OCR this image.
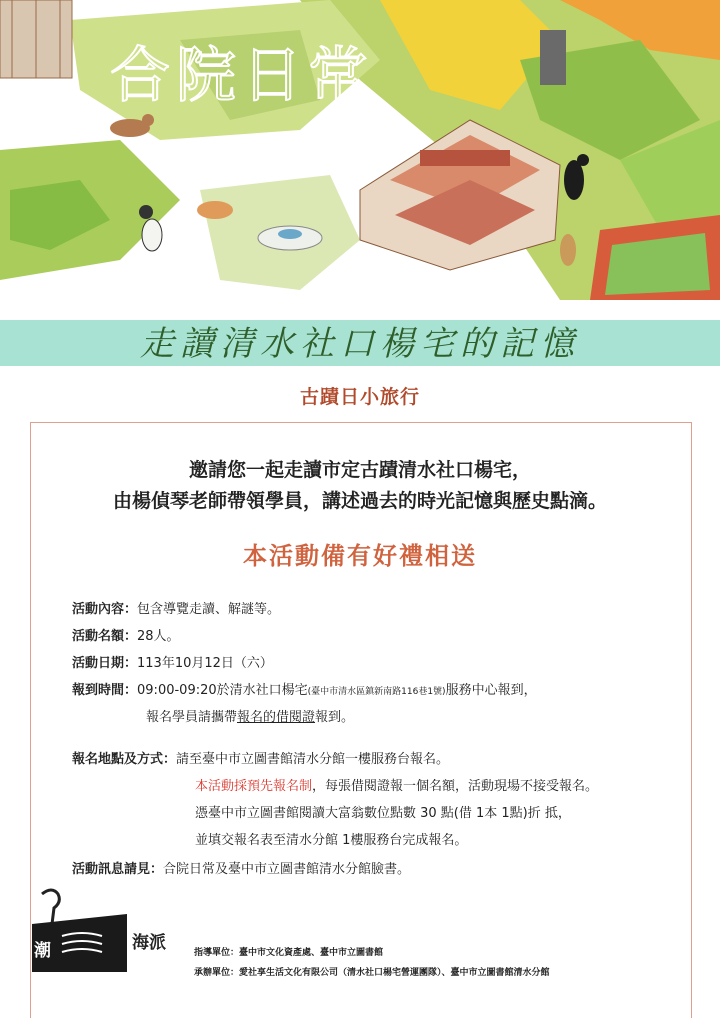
合院日常
走讀清水社口楊宅的記憶
古蹟日小旅行
邀請您一起走讀市定古蹟清水社口楊宅，
由楊偵琴老師帶領學員，講述過去的時光記憶與歷史點滴。
本活動備有好禮相送
活動內容：包含導覽走讀、解謎等。
活動名額：28人。
活動日期：113年10月12日（六）
報到時間：09:00-09:20於清水社口楊宅(臺中市清水區鎮新南路116巷1號)服務中心報到，
報名學員請攜帶報名的借閱證報到。
報名地點及方式：請至臺中市立圖書館清水分館一樓服務台報名。
本活動採預先報名制，每張借閱證報一個名額，活動現場不接受報名。
憑臺中市立圖書館閱讀大富翁數位點數 30 點(借 1本 1點)折 抵，
並填交報名表至清水分館 1樓服務台完成報名。
活動訊息請見：合院日常及臺中市立圖書館清水分館臉書。
潮	海派	指導單位：臺中市文化資產處、臺中市立圖書館
承辦單位：愛社享生活文化有限公司（清水社口楊宅營運團隊）、臺中市立圖書館清水分館
